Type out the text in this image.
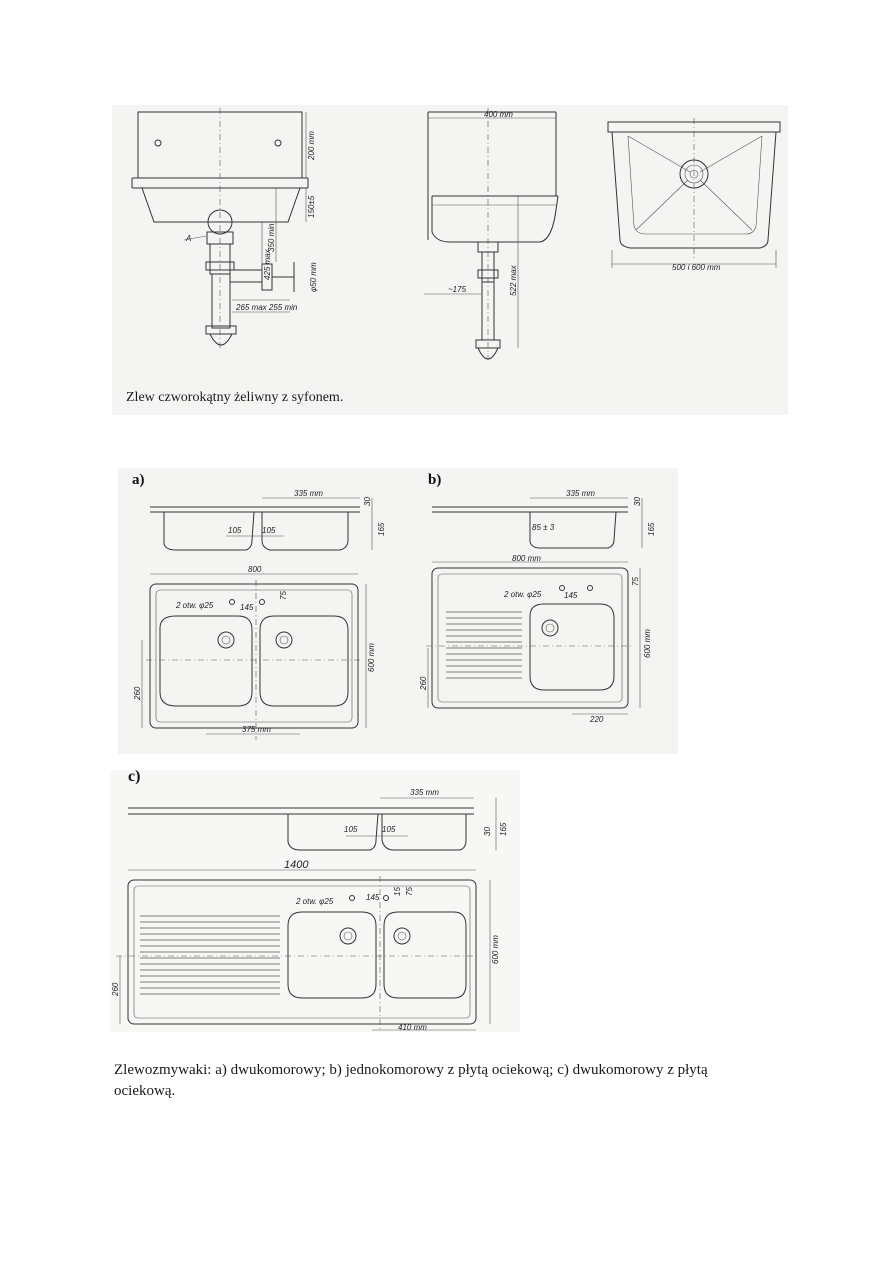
A
200 mm
150±5
350 min
425 max	φ50 mm
265 max 255 min
400 mm
~175	522 max	500 i 600 mm
335 mm
30
165
105	105
800
2 otw. φ25	145
75
600 mm
260
375 mm
335 mm
30
165
85 ± 3
800 mm
75
2 otw. φ25	145
600 mm
260
220
335 mm
105	105	30 165
1400
2 otw. φ25	145
15 75
600 mm
260
410 mm
Zlew czworokątny żeliwny z syfonem.
a)	b)
c)
Zlewozmywaki: a) dwukomorowy; b) jednokomorowy z płytą ociekową; c) dwukomorowy z płytą ociekową.
